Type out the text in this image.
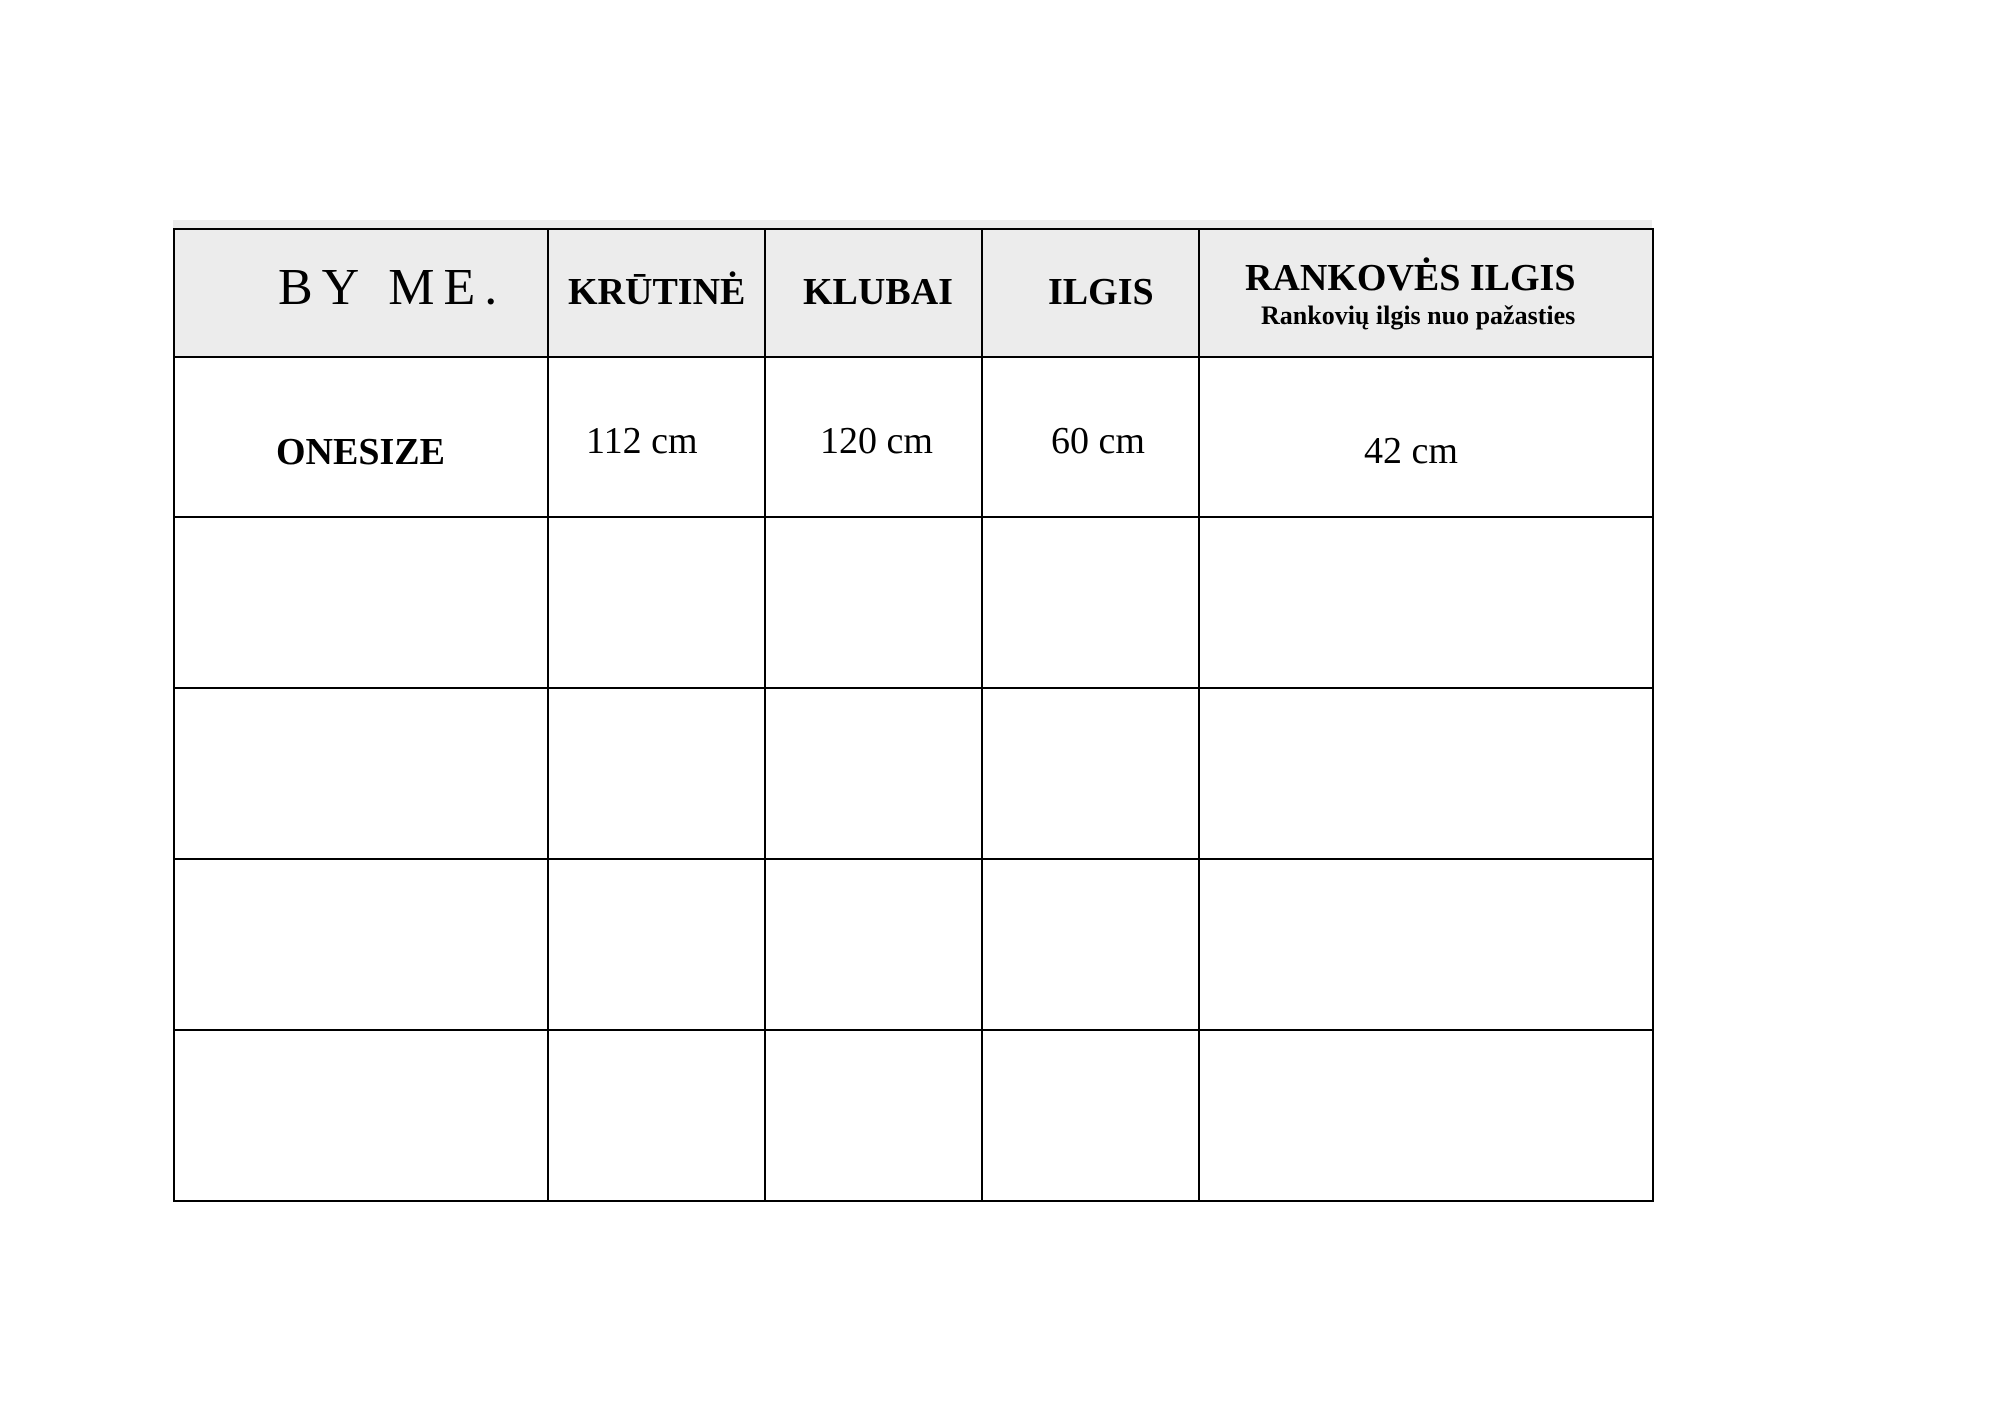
BY ME.	KRŪTINĖ	KLUBAI	ILGIS	RANKOVĖS ILGIS
Rankovių ilgis nuo pažasties

ONESIZE	112 cm	120 cm	60 cm	42 cm
